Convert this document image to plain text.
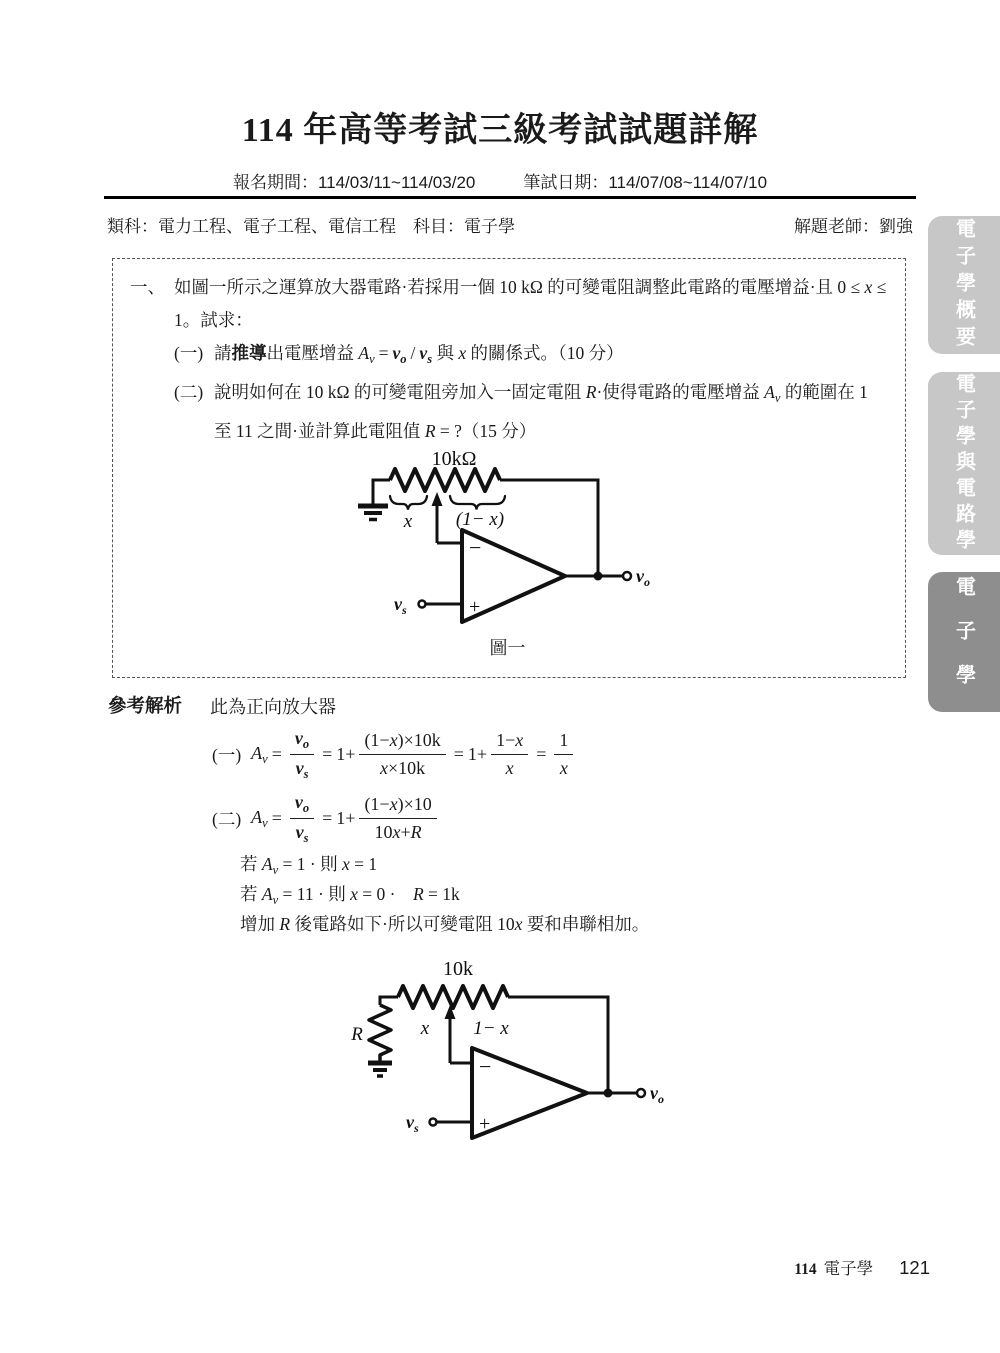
114 年高等考試三級考試試題詳解
報名期間：114/03/11~114/03/20	筆試日期：114/07/08~114/07/10
類科：電力工程、電子工程、電信工程　科目：電子學	解題老師：劉強	電子學概要
電子學與電路學
電子學
一、 如圖一所示之運算放大器電路·若採用一個 10 kΩ 的可變電阻調整此電路的電壓增益·且 0 ≤ x ≤ 1。試求：
(一) 請推導出電壓增益 $A_v = v_o / v_s$ 與 x 的關係式。（10 分）
(二) 說明如何在 10 kΩ 的可變電阻旁加入一固定電阻 R·使得電路的電壓增益 $A_v$ 的範圍在 1 至 11 之間·並計算此電阻值 R = ?（15 分）
10kΩ
x (1− x)
−
+
$v_s$
$v_o$
圖一
參考解析 此為正向放大器
(一) $A_v = \frac{v_o}{v_s} = 1+ \frac{(1-x)\times 10k}{x\times 10k} = 1+ \frac{1-x}{x} = \frac{1}{x}$
(二) $A_v = \frac{v_o}{v_s} = 1+ \frac{(1-x)\times 10}{10x+R}$
若 $A_v = 1$ · 則 x = 1
若 $A_v = 11$ · 則 x = 0 ·　R = 1k
增加 R 後電路如下·所以可變電阻 10x 要和串聯相加。
10k
R	x 1− x
−
+
$v_s$
$v_o$
114 電子學 121
